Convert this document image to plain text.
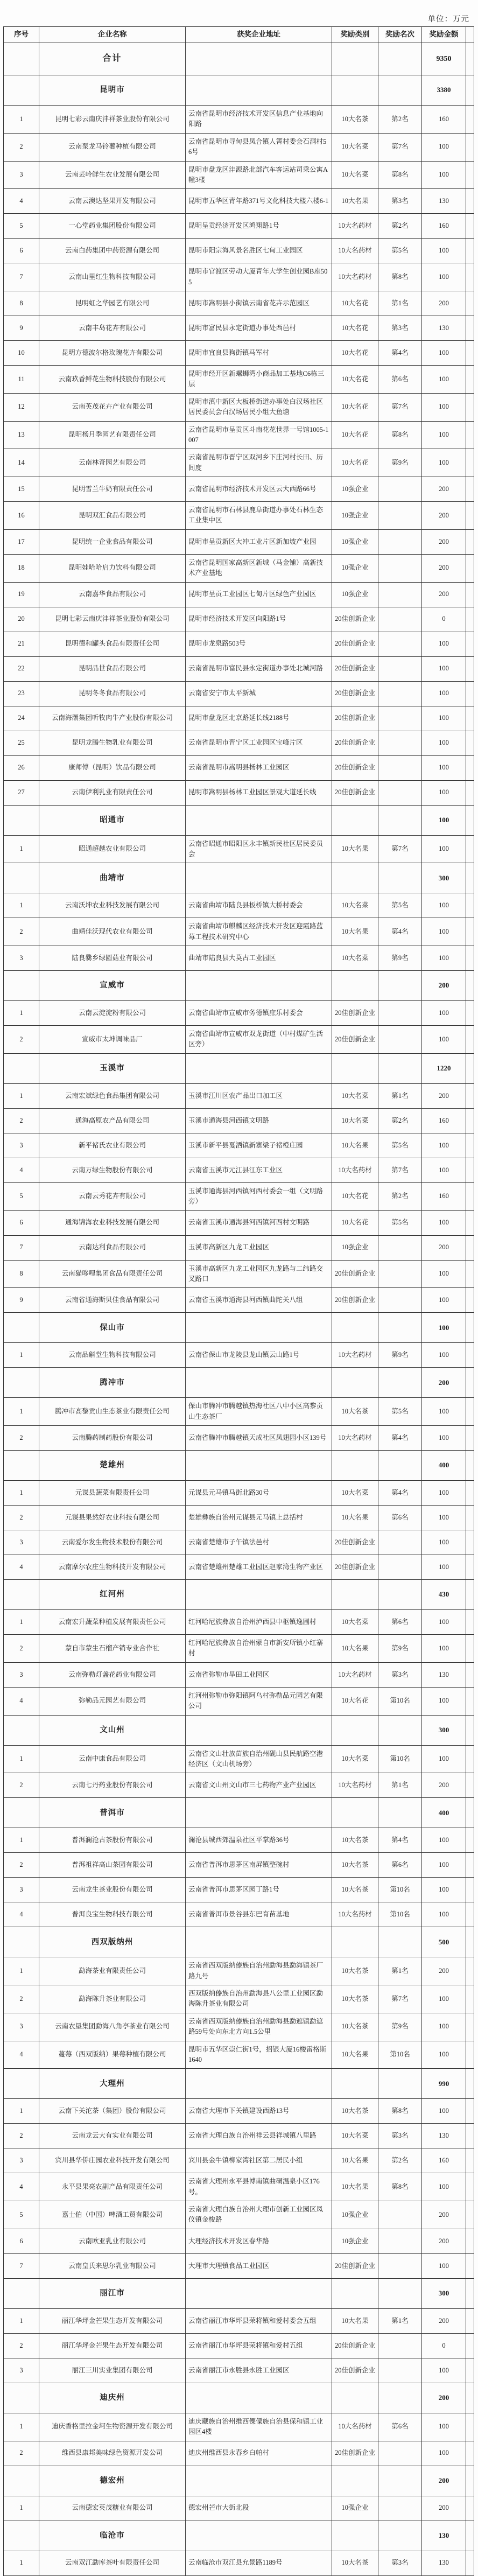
单位：万元
序号	企业名称	获奖企业地址	奖励类别	奖励名次	奖励金额	
	合计				9350	
	昆明市				3380	
1	昆明七彩云南庆沣祥茶业股份有限公司	云南省昆明市经济技术开发区信息产业基地向阳路	10大名茶	第2名	160	
2	云南泵龙马铃薯种植有限公司	云南省昆明市寻甸县凤合镇人箐村委会石洞村56号	10大名菜	第7名	100	
3	云南芸岭鲜生农业发展有限公司	昆明市盘龙区沣源路北部汽车客运站司乘公寓A幢3楼	10大名菜	第8名	100	
4	云南云澳达坚果开发有限公司	昆明市五华区青年路371号文化科技大楼六楼6-1	10大名果	第3名	130	
5	一心堂药业集团股份有限公司	昆明呈贡经济开发区鸿翔路1号	10大名药材	第2名	160	
6	云南白药集团中药资源有限公司	昆明市阳宗海风景名胜区七甸工业园区	10大名药材	第5名	100	
7	云南山里红生物科技有限公司	昆明市官渡区劳动大厦青年大学生创业园B座505	10大名药材	第8名	100	
8	昆明虹之华园艺有限公司	昆明市嵩明县小街镇云南省花卉示范园区	10大名花	第1名	200	
9	云南丰岛花卉有限公司	昆明市富民县永定街道办事处西邑村	10大名花	第3名	130	
10	昆明方德波尔格玫瑰花卉有限公司	昆明市宜良县狗街镇马军村	10大名花	第4名	100	
11	云南玖香鲜花生物科技股份有限公司	昆明市经开区新螺蛳湾小商品加工基地C6栋三层	10大名花	第6名	100	
12	云南英茂花卉产业有限公司	昆明市滇中新区大板桥街道办事处白汉场社区居民委员会白汉场居民小组大鱼塘	10大名花	第7名	100	
13	昆明杨月季园艺有限责任公司	云南省昆明市呈贡区斗南花花世界一号馆1005-1007	10大名花	第8名	100	
14	云南林奇园艺有限公司	云南省昆明市晋宁区双河乡下庄河村长田、历间度	10大名花	第9名	100	
15	昆明雪兰牛奶有限责任公司	云南省昆明市经济技术开发区云大西路66号	10强企业		200	
16	昆明双汇食品有限公司	云南省昆明市石林县鹿阜街道办事处石林生态工业集中区	10强企业		200	
17	昆明统一企业食品有限公司	昆明市呈贡新区大冲工业片区新加坡产业园	10强企业		200	
18	昆明娃哈哈启力饮料有限公司	云南省昆明国家高新区新城（马金铺）高新技术产业基地	10强企业		200	
19	云南嘉华食品有限公司	昆明市呈贡工业园区七甸片区绿色产业园区	10强企业		200	
20	昆明七彩云南庆沣祥茶业股份有限公司	昆明市经济技术开发区向阳路1号	20佳创新企业		0	
21	昆明德和罐头食品有限责任公司	昆明市龙泉路503号	20佳创新企业		100	
22	昆明品世食品有限公司	云南省昆明市富民县永定街道办事处北城河路	20佳创新企业		100	
23	昆明冬冬食品有限公司	云南省安宁市太平新城	20佳创新企业		100	
24	云南海潮集团听牧肉牛产业股份有限公司	昆明市盘龙区北京路延长线2188号	20佳创新企业		100	
25	昆明龙腾生物乳业有限公司	云南省昆明市晋宁区工业园区宝峰片区	20佳创新企业		100	
26	康师傅（昆明）饮品有限公司	云南省昆明市嵩明县杨林工业园区	20佳创新企业		100	
27	云南伊利乳业有限责任公司	昆明市嵩明县杨林工业园区景观大道延长线	20佳创新企业		100	
	昭通市				100	
1	昭通超越农业有限公司	云南省昭通市昭阳区永丰镇新民社区居民委员会	10大名果	第7名	100	
	曲靖市				300	
1	云南沃坤农业科技发展有限公司	云南省曲靖市陆良县板桥镇大桥村委会	10大名菜	第5名	100	
2	曲靖佳沃现代农业有限公司	云南省曲靖市麒麟区经济技术开发区迎霞路蓝莓工程技术研究中心	10大名果	第4名	100	
3	陆良爨乡绿圆菇业有限公司	曲靖市陆良县大莫古工业园区	10大名菜	第9名	100	
	宣威市				200	
1	云南云淀淀粉有限公司	云南省曲靖市宣威市务德镇庶乐村委会	20佳创新企业		100	
2	宣威市太坤调味品厂	云南省曲靖市宣威市双龙街道（中村煤矿生活区旁）	20佳创新企业		100	
	玉溪市				1220	
1	云南宏斌绿色食品集团有限公司	玉溪市江川区农产品出口加工区	10大名菜	第1名	200	
2	通海高原农产品有限公司	玉溪市通海县河西镇文明路	10大名菜	第2名	160	
3	新平褚氏农业有限公司	玉溪市新平县戛洒镇新寨梁子褚橙庄园	10大名果	第5名	100	
4	云南万绿生物股份有限公司	云南省玉溪市元江县江东工业区	10大名药材	第7名	100	
5	云南云秀花卉有限公司	玉溪市通海县河西镇河西村委会一组（文明路旁）	10大名花	第2名	160	
6	通海锦海农业科技发展有限公司	云南省玉溪市通海县河西镇河西村文明路	10大名花	第5名	100	
7	云南达利食品有限公司	玉溪市高新区九龙工业园区	10强企业		200	
8	云南猫哆哩集团食品有限责任公司	玉溪市高新区九龙工业园区九龙路与二纬路交叉路口	20佳创新企业		100	
9	云南省通海斯贝佳食品有限公司	云南省玉溪市通海县河西镇曲陀关八组	20佳创新企业		100	
	保山市				100	
1	云南品斛堂生物科技有限公司	云南省保山市龙陵县龙山镇云山路1号	10大名药材	第9名	100	
	腾冲市				200	
1	腾冲市高黎贡山生态茶业有限责任公司	保山市腾冲市腾越镇热海社区八中小区高黎贡山生态茶厂	10大名茶	第5名	100	
2	云南腾药制药股份有限公司	云南省腾冲市腾越镇天成社区凤翅园小区139号	10大名药材	第4名	100	
	楚雄州				400	
1	元谋县蔬菜有限责任公司	元谋县元马镇马街北路30号	10大名菜	第4名	100	
2	元谋县果然好农业科技有限公司	楚雄彝族自治州元谋县元马镇上总括村	10大名果	第6名	100	
3	云南爱尔发生物技术股份有限公司	云南省楚雄市子午镇法邑村	20佳创新企业		100	
4	云南摩尔农庄生物科技开发有限公司	云南省楚雄州楚雄工业园区赵家湾生物产业区	20佳创新企业		100	
	红河州				430	
1	云南宏升蔬菜种植发展有限责任公司	红河哈尼族彝族自治州泸西县中枢镇逸圃村	10大名菜	第6名	100	
2	蒙自市蒙生石榴产销专业合作社	红河哈尼族彝族自治州蒙自市新安所镇小红寨村	10大名果	第9名	100	
3	云南弥勒灯盏花药业有限公司	云南省弥勒市旱田工业园区	10大名药材	第3名	130	
4	弥勒品元园艺有限公司	红河州弥勒市弥阳镇阿乌村弥勒品元园艺有限公司	10大名花	第10名	100	
	文山州				300	
1	云南中康食品有限公司	云南省文山壮族苗族自治州砚山县民航路空港经济区（文山机场旁）	10大名菜	第10名	100	
2	云南七丹药业股份有限公司	云南省文山州文山市三七药物产业产业园区	10大名药材	第1名	200	
	普洱市				400	
1	普洱澜沧古茶股份有限公司	澜沧县城西郊温泉社区平掌路36号	10大名茶	第4名	100	
2	普洱祖祥高山茶园有限公司	云南省普洱市思茅区南屏镇整碗村	10大名茶	第6名	100	
3	云南龙生茶业股份有限公司	云南省普洱市思茅区园丁路1号	10大名茶	第10名	100	
4	普洱良宝生物科技有限公司	云南省普洱市景谷县东巴育苗基地	10大名药材	第10名	100	
	西双版纳州				500	
1	勐海茶业有限责任公司	云南省西双版纳傣族自治州勐海县勐海镇茶厂路九号	10大名茶	第1名	200	
2	勐海陈升茶业有限公司	西双版纳傣族自治州勐海县八公里工业园区勐海陈升茶业有限公司	10大名茶	第7名	100	
3	云南农垦集团勐海八角亭茶业有限公司	云南省西双版纳傣族自治州勐海县勐遮镇勐遮路59号处向东北方向1.5公里	10大名茶	第9名	100	
4	蔓莓（西双版纳）果莓种植有限公司	昆明市五华区崇仁街1号，招银大厦16楼雷格斯 1640	10大名果	第10名	100	
	大理州				990	
1	云南下关沱茶（集团）股份有限公司	云南省大理市下关镇建设西路13号	10大名茶	第8名	100	
2	云南龙云大有实业有限公司	云南省大理白族自治州祥云县祥城镇八里路	10大名菜	第3名	130	
3	宾川县华侨庄园农业科技开发有限公司	宾川县金牛镇柳家湾社区第二居民小组	10大名果	第2名	160	
4	永平县果亮农副产品有限责任公司	云南省大理州永平县博南镇曲硐温泉小区176号。	10大名果	第8名	100	
5	嘉士伯（中国）啤酒工贸有限公司	云南省大理白族自治州大理市创新工业园区凤仪镇金梭路	10强企业		200	
6	云南欧亚乳业有限公司	大理经济技术开发区春华路	10强企业		200	
7	云南皇氏来思尔乳业有限公司	大理市大理镇食品工业园区	20佳创新企业		100	
	丽江市				300	
1	丽江华坪金芒果生态开发有限公司	云南省丽江市华坪县荣将镇和爱村委会五组	10大名果	第1名	200	
2	丽江华坪金芒果生态开发有限公司	云南省丽江市华坪县荣将镇和爱村五组	20佳创新企业		0	
3	丽江三川实业集团有限公司	云南省丽江市永胜县永胜工业园区	20佳创新企业		100	
	迪庆州				200	
1	迪庆香格里拉金坷生物资源开发有限公司	迪庆藏族自治州维西傈僳族自治县保和镇工业园区4楼	10大名药材	第6名	100	
2	维西县康邦美味绿色资源开发公司	迪庆州维西县永春乡白帕村	20佳创新企业		100	
	德宏州				200	
1	云南德宏英茂糖业有限公司	德宏州芒市大街北段	10强企业		200	
	临沧市				130	
1	云南双江勐库茶叶有限责任公司	云南临沧市双江县允景路1189号	10大名茶	第3名	130	
